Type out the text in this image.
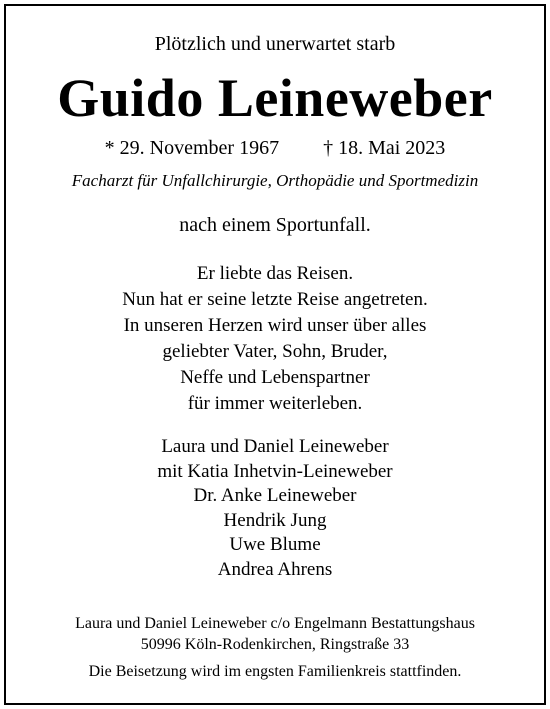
Plötzlich und unerwartet starb
Guido Leineweber
* 29. November 1967 † 18. Mai 2023
Facharzt für Unfallchirurgie, Orthopädie und Sportmedizin
nach einem Sportunfall.
Er liebte das Reisen.
Nun hat er seine letzte Reise angetreten.
In unseren Herzen wird unser über alles
geliebter Vater, Sohn, Bruder,
Neffe und Lebenspartner
für immer weiterleben.
Laura und Daniel Leineweber
mit Katia Inhetvin-Leineweber
Dr. Anke Leineweber
Hendrik Jung
Uwe Blume
Andrea Ahrens
Laura und Daniel Leineweber c/o Engelmann Bestattungshaus
50996 Köln-Rodenkirchen, Ringstraße 33
Die Beisetzung wird im engsten Familienkreis stattfinden.
